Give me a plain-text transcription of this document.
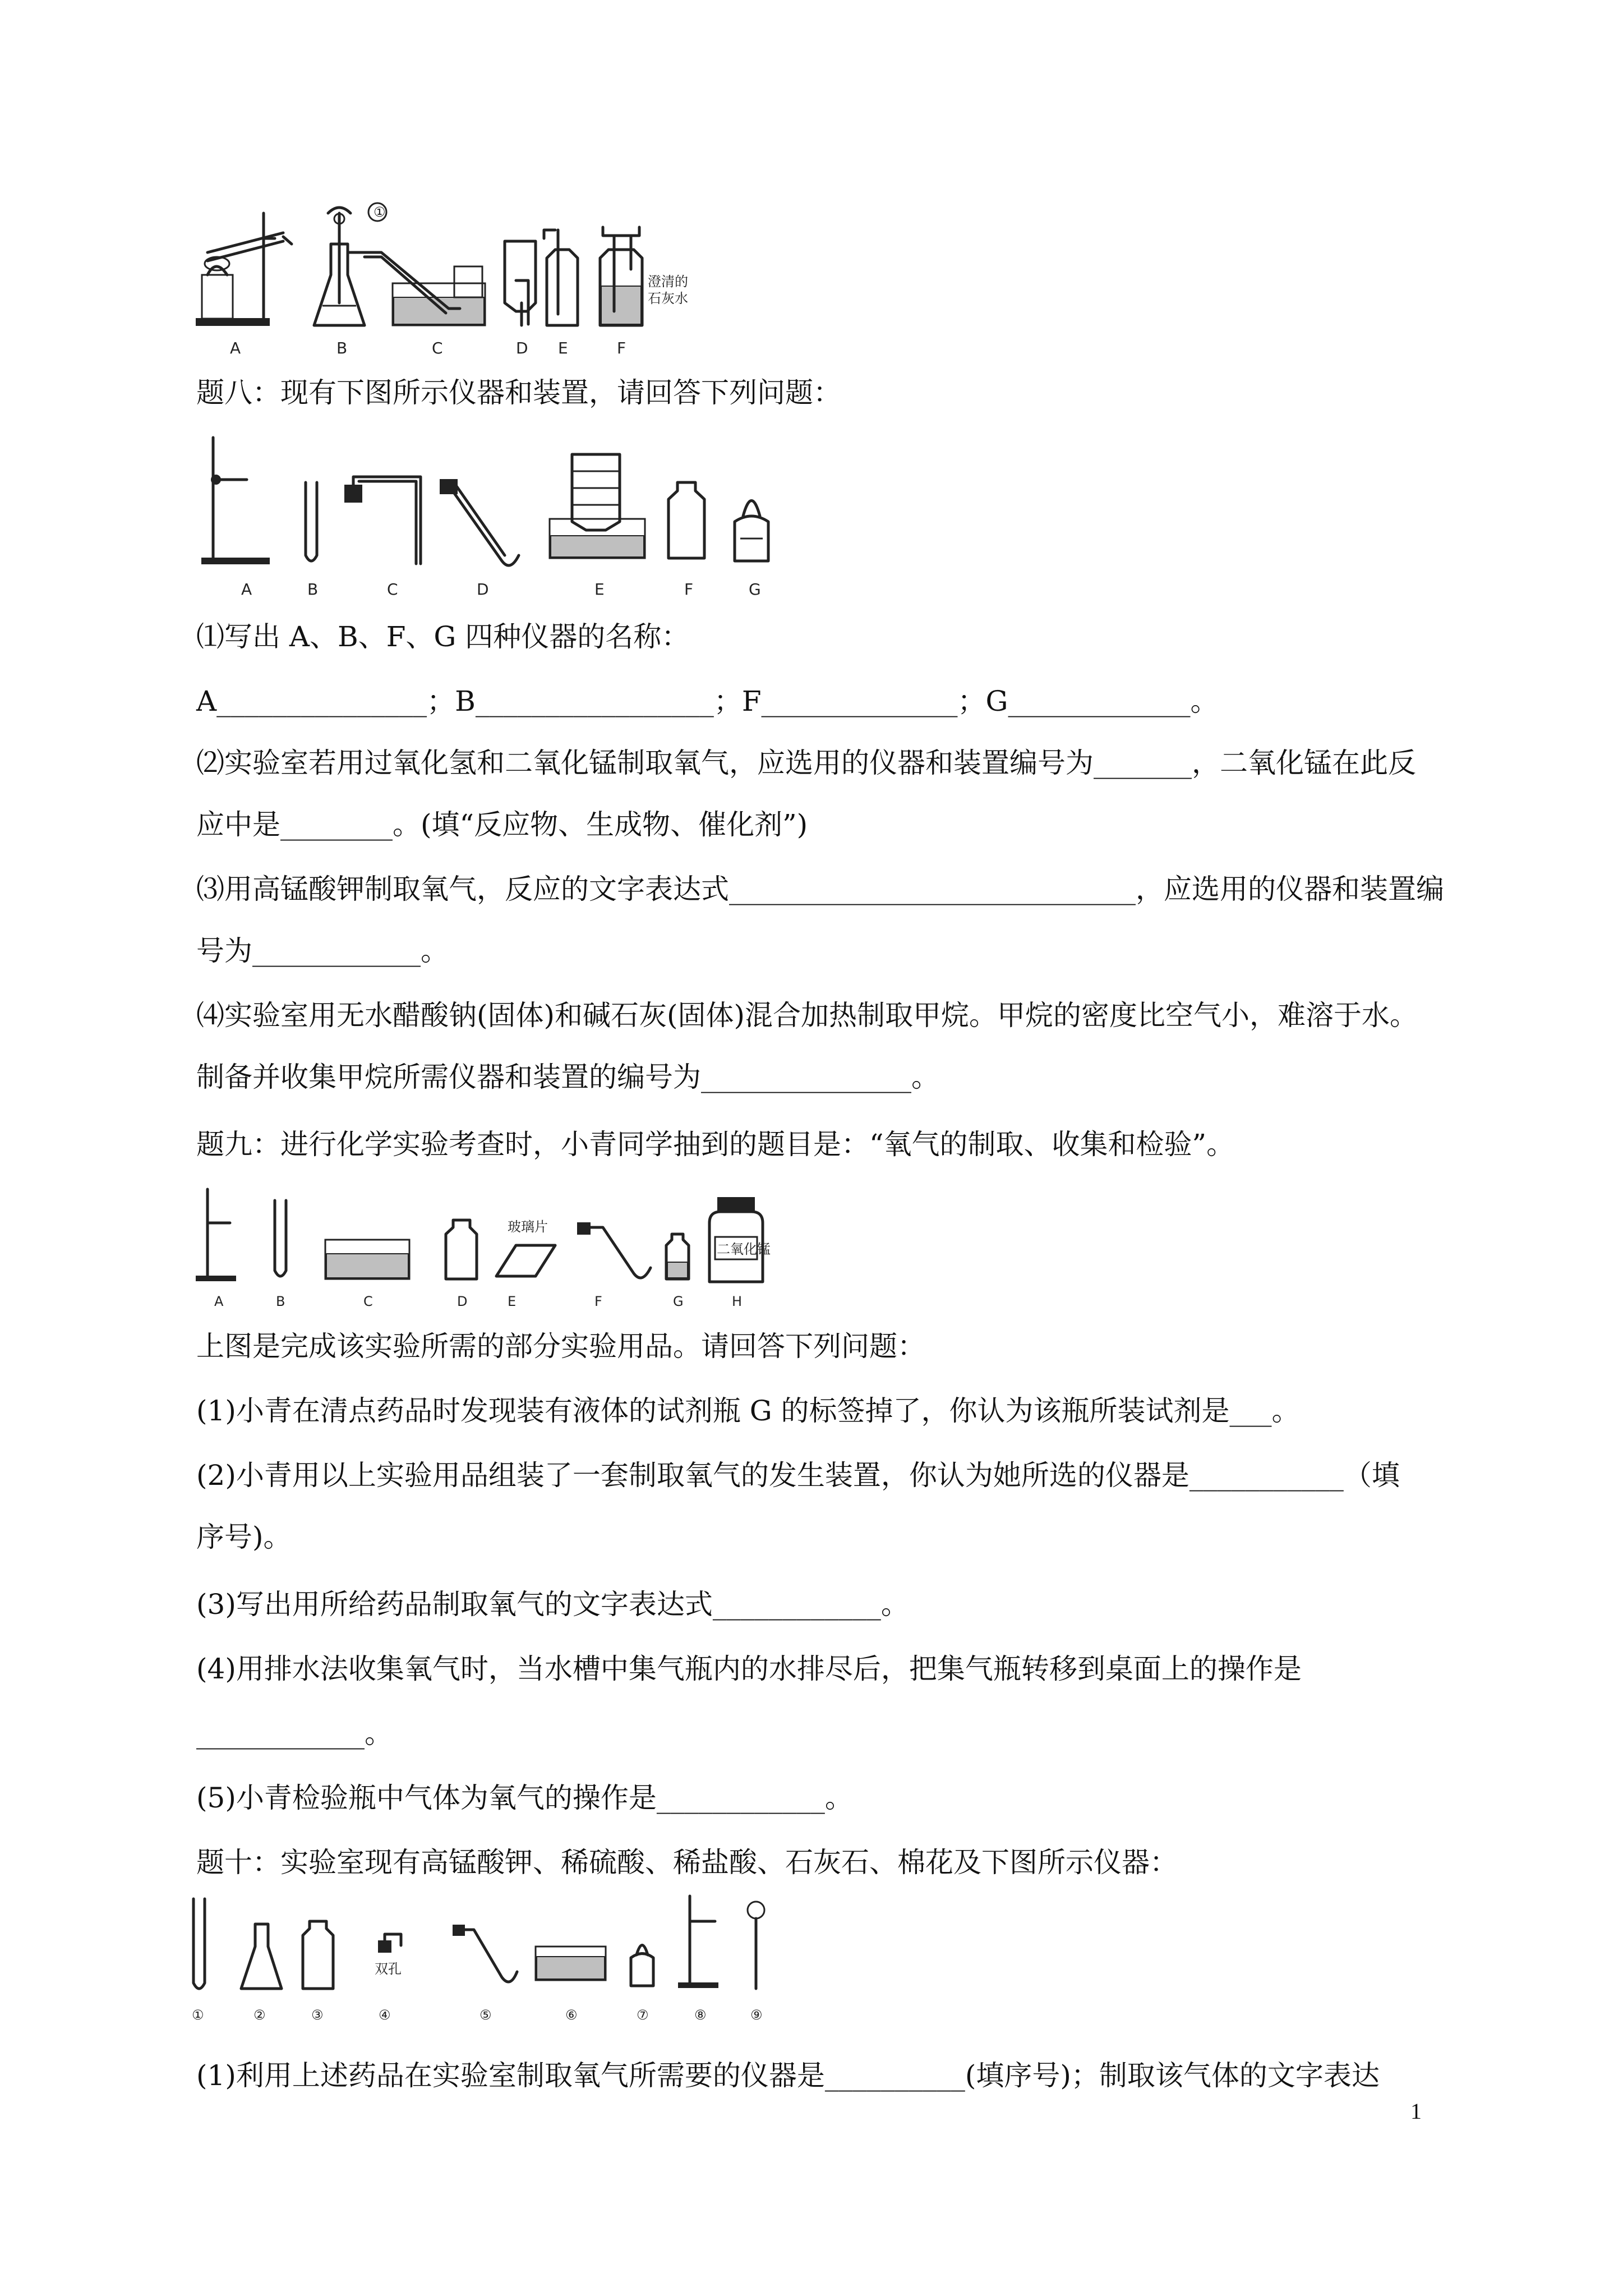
①
澄清的
石灰水
A	B	C	D E	F
题八：现有下图所示仪器和装置，请回答下列问题：
A	B	C	D	E	F	G
⑴写出 A、B、F、G 四种仪器的名称：
A_______________；B_________________；F______________；G_____________。
⑵实验室若用过氧化氢和二氧化锰制取氧气，应选用的仪器和装置编号为_______，二氧化锰在此反
应中是________。(填“反应物、生成物、催化剂”)
⑶用高锰酸钾制取氧气，反应的文字表达式_____________________________，应选用的仪器和装置编
号为____________。
⑷实验室用无水醋酸钠(固体)和碱石灰(固体)混合加热制取甲烷。甲烷的密度比空气小，难溶于水。
制备并收集甲烷所需仪器和装置的编号为_______________。
题九：进行化学实验考查时，小青同学抽到的题目是：“氧气的制取、收集和检验”。
玻璃片
二氧化锰
A	B	C	D	E	F	G	H
上图是完成该实验所需的部分实验用品。请回答下列问题：
(1)小青在清点药品时发现装有液体的试剂瓶 G 的标签掉了，你认为该瓶所装试剂是___。
(2)小青用以上实验用品组装了一套制取氧气的发生装置，你认为她所选的仪器是___________（填
序号)。
(3)写出用所给药品制取氧气的文字表达式____________。
(4)用排水法收集氧气时，当水槽中集气瓶内的水排尽后，把集气瓶转移到桌面上的操作是
____________。
(5)小青检验瓶中气体为氧气的操作是____________。
题十：实验室现有高锰酸钾、稀硫酸、稀盐酸、石灰石、棉花及下图所示仪器：
双孔
①	②	③	④	⑤	⑥	⑦	⑧	⑨
(1)利用上述药品在实验室制取氧气所需要的仪器是__________(填序号)；制取该气体的文字表达
1
